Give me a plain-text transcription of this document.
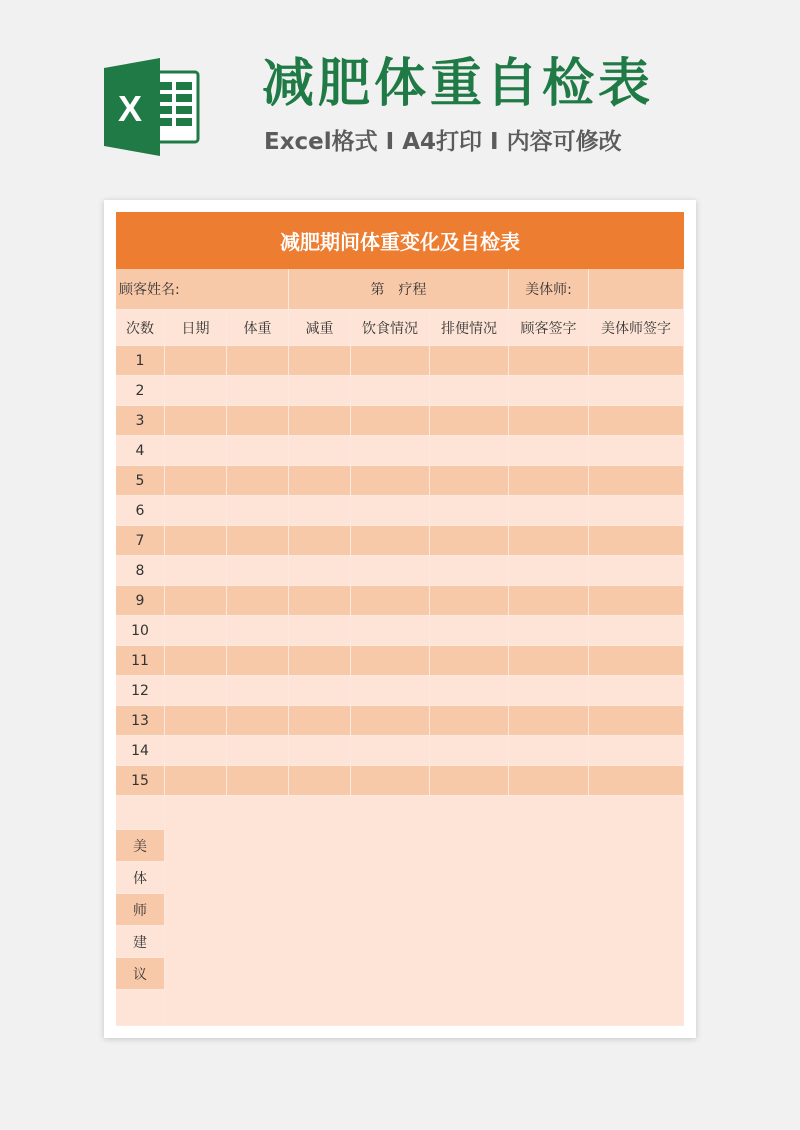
X 减肥体重自检表
Excel格式 I A4打印 I 内容可修改
减肥期间体重变化及自检表
顾客姓名:	第　疗程	美体师:
次数	日期	体重	减重	饮食情况	排便情况	顾客签字	美体师签字
1
2
3
4
5
6
7
8
9
10
11
12
13
14
15
美
体
师
建
议
